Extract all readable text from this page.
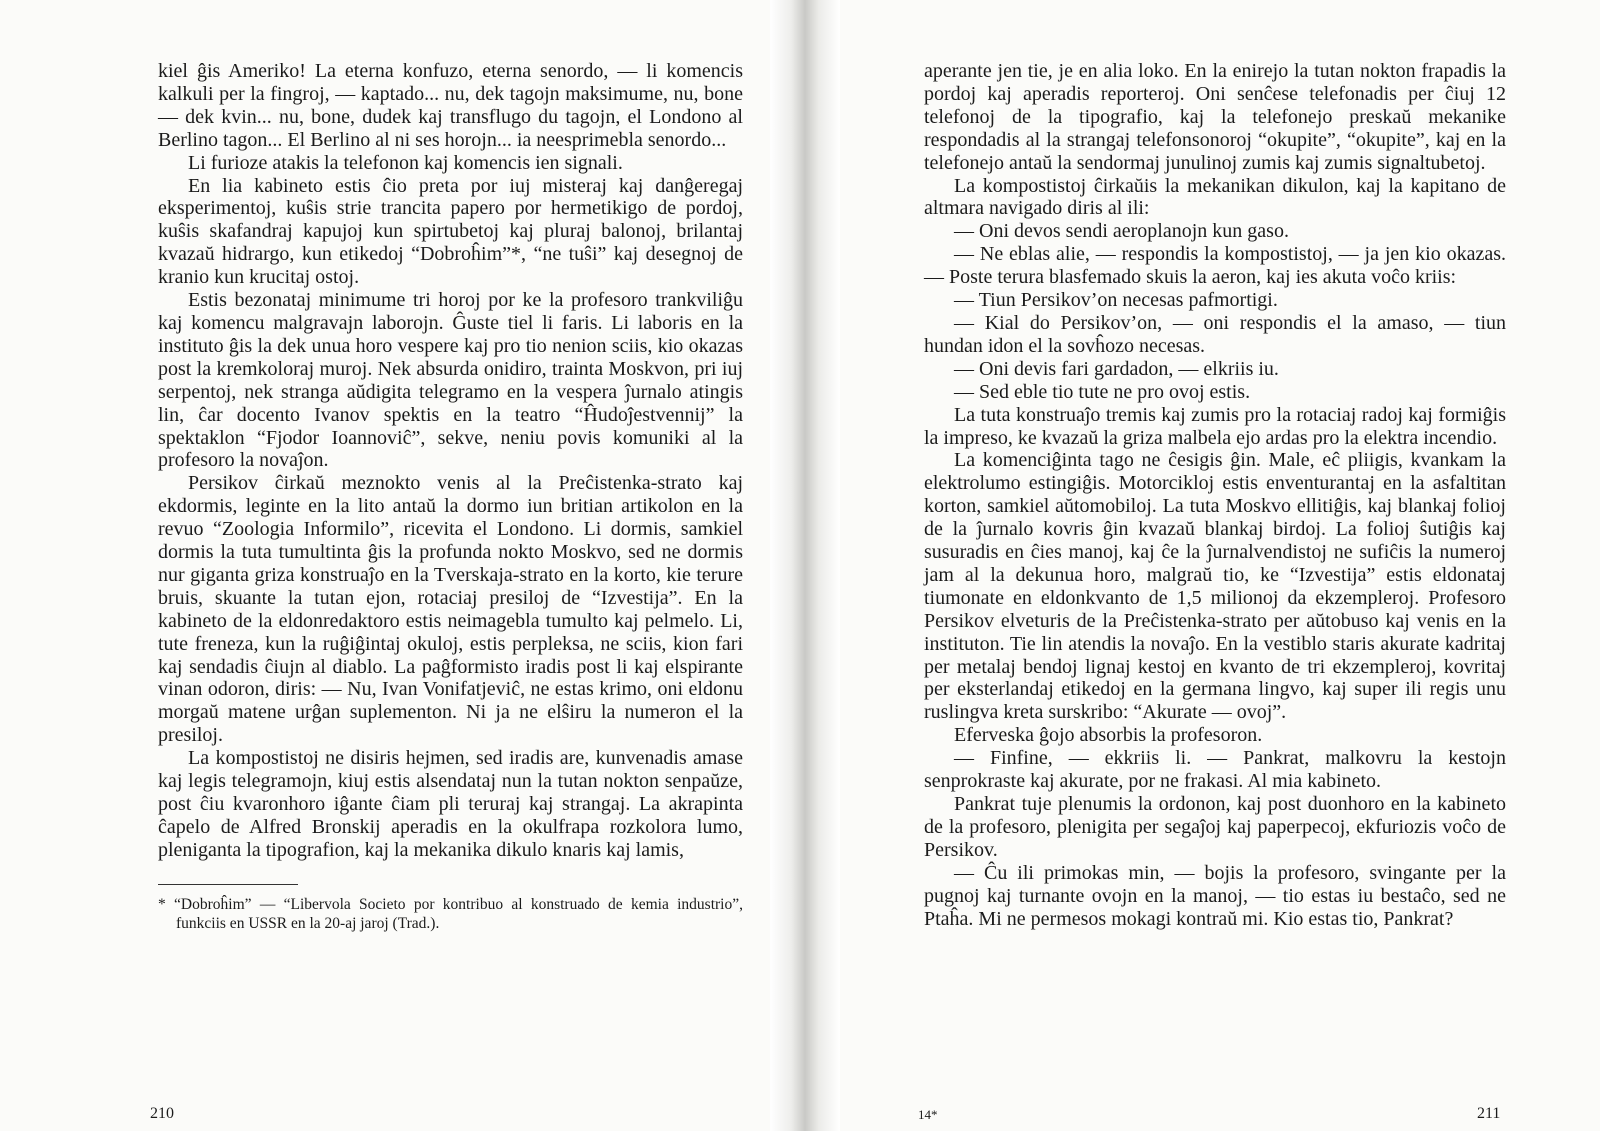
kiel ĝis Ameriko! La eterna konfuzo, eterna senordo, — li komencis kalkuli per la fingroj, — kaptado... nu, dek tagojn maksimume, nu, bone — dek kvin... nu, bone, dudek kaj transflugo du tagojn, el Londono al Berlino tagon... El Berlino al ni ses horojn... ia neesprimebla senordo...

Li furioze atakis la telefonon kaj komencis ien signali.

En lia kabineto estis ĉio preta por iuj misteraj kaj danĝeregaj eksperimentoj, kuŝis strie trancita papero por hermetikigo de pordoj, kuŝis skafandraj kapujoj kun spirtubetoj kaj pluraj balonoj, brilantaj kvazaŭ hidrargo, kun etikedoj “Dobroĥim”*, “ne tuŝi” kaj desegnoj de kranio kun krucitaj ostoj.

Estis bezonataj minimume tri horoj por ke la profesoro trankviliĝu kaj komencu malgravajn laborojn. Ĝuste tiel li faris. Li laboris en la instituto ĝis la dek unua horo vespere kaj pro tio nenion sciis, kio okazas post la kremkoloraj muroj. Nek absurda onidiro, trainta Moskvon, pri iuj serpentoj, nek stranga aŭdigita telegramo en la vespera ĵurnalo atingis lin, ĉar docento Ivanov spektis en la teatro “Ĥudoĵestvennij” la spektaklon “Fjodor Ioannoviĉ”, sekve, neniu povis komuniki al la profesoro la novaĵon.

Persikov ĉirkaŭ meznokto venis al la Preĉistenka-strato kaj ekdormis, leginte en la lito antaŭ la dormo iun britian artikolon en la revuo “Zoologia Informilo”, ricevita el Londono. Li dormis, samkiel dormis la tuta tumultinta ĝis la profunda nokto Moskvo, sed ne dormis nur giganta griza konstruaĵo en la Tverskaja-strato en la korto, kie terure bruis, skuante la tutan ejon, rotaciaj presiloj de “Izvestija”. En la kabineto de la eldonredaktoro estis neimagebla tumulto kaj pelmelo. Li, tute freneza, kun la ruĝiĝintaj okuloj, estis perpleksa, ne sciis, kion fari kaj sendadis ĉiujn al diablo. La paĝformisto iradis post li kaj elspirante vinan odoron, diris: — Nu, Ivan Vonifatjeviĉ, ne estas krimo, oni eldonu morgaŭ matene urĝan suplementon. Ni ja ne elŝiru la numeron el la presiloj.

La kompostistoj ne disiris hejmen, sed iradis are, kunvenadis amase kaj legis telegramojn, kiuj estis alsendataj nun la tutan nokton senpaŭze, post ĉiu kvaronhoro iĝante ĉiam pli teruraj kaj strangaj. La akrapinta ĉapelo de Alfred Bronskij aperadis en la okulfrapa rozkolora lumo, pleniganta la tipografion, kaj la mekanika dikulo knaris kaj lamis,

* “Dobroĥim” — “Libervola Societo por kontribuo al konstruado de kemia industrio”, funkciis en USSR en la 20-aj jaroj (Trad.).

aperante jen tie, je en alia loko. En la enirejo la tutan nokton frapadis la pordoj kaj aperadis reporteroj. Oni senĉese telefonadis per ĉiuj 12 telefonoj de la tipografio, kaj la telefonejo preskaŭ mekanike respondadis al la strangaj telefonsonoroj “okupite”, “okupite”, kaj en la telefonejo antaŭ la sendormaj junulinoj zumis kaj zumis signaltubetoj.

La kompostistoj ĉirkaŭis la mekanikan dikulon, kaj la kapitano de altmara navigado diris al ili:

— Oni devos sendi aeroplanojn kun gaso.

— Ne eblas alie, — respondis la kompostistoj, — ja jen kio okazas. — Poste terura blasfemado skuis la aeron, kaj ies akuta voĉo kriis:

— Tiun Persikov’on necesas pafmortigi.

— Kial do Persikov’on, — oni respondis el la amaso, — tiun hundan idon el la sovĥozo necesas.

— Oni devis fari gardadon, — elkriis iu.

— Sed eble tio tute ne pro ovoj estis.

La tuta konstruaĵo tremis kaj zumis pro la rotaciaj radoj kaj formiĝis la impreso, ke kvazaŭ la griza malbela ejo ardas pro la elektra incendio.

La komenciĝinta tago ne ĉesigis ĝin. Male, eĉ pliigis, kvankam la elektrolumo estingiĝis. Motorcikloj estis enventurantaj en la asfaltitan korton, samkiel aŭtomobiloj. La tuta Moskvo ellitiĝis, kaj blankaj folioj de la ĵurnalo kovris ĝin kvazaŭ blankaj birdoj. La folioj ŝutiĝis kaj susuradis en ĉies manoj, kaj ĉe la ĵurnalvendistoj ne sufiĉis la numeroj jam al la dekunua horo, malgraŭ tio, ke “Izvestija” estis eldonataj tiumonate en eldonkvanto de 1,5 milionoj da ekzempleroj. Profesoro Persikov elveturis de la Preĉistenka-strato per aŭtobuso kaj venis en la instituton. Tie lin atendis la novaĵo. En la vestiblo staris akurate kadritaj per metalaj bendoj lignaj kestoj en kvanto de tri ekzempleroj, kovritaj per eksterlandaj etikedoj en la germana lingvo, kaj super ili regis unu ruslingva kreta surskribo: “Akurate — ovoj”.

Eferveska ĝojo absorbis la profesoron.

— Finfine, — ekkriis li. — Pankrat, malkovru la kestojn senprokraste kaj akurate, por ne frakasi. Al mia kabineto.

Pankrat tuje plenumis la ordonon, kaj post duonhoro en la kabineto de la profesoro, plenigita per segaĵoj kaj paperpecoj, ekfuriozis voĉo de Persikov.

— Ĉu ili primokas min, — bojis la profesoro, svingante per la pugnoj kaj turnante ovojn en la manoj, — tio estas iu bestaĉo, sed ne Ptaĥa. Mi ne permesos mokagi kontraŭ mi. Kio estas tio, Pankrat?

210	14*	211
